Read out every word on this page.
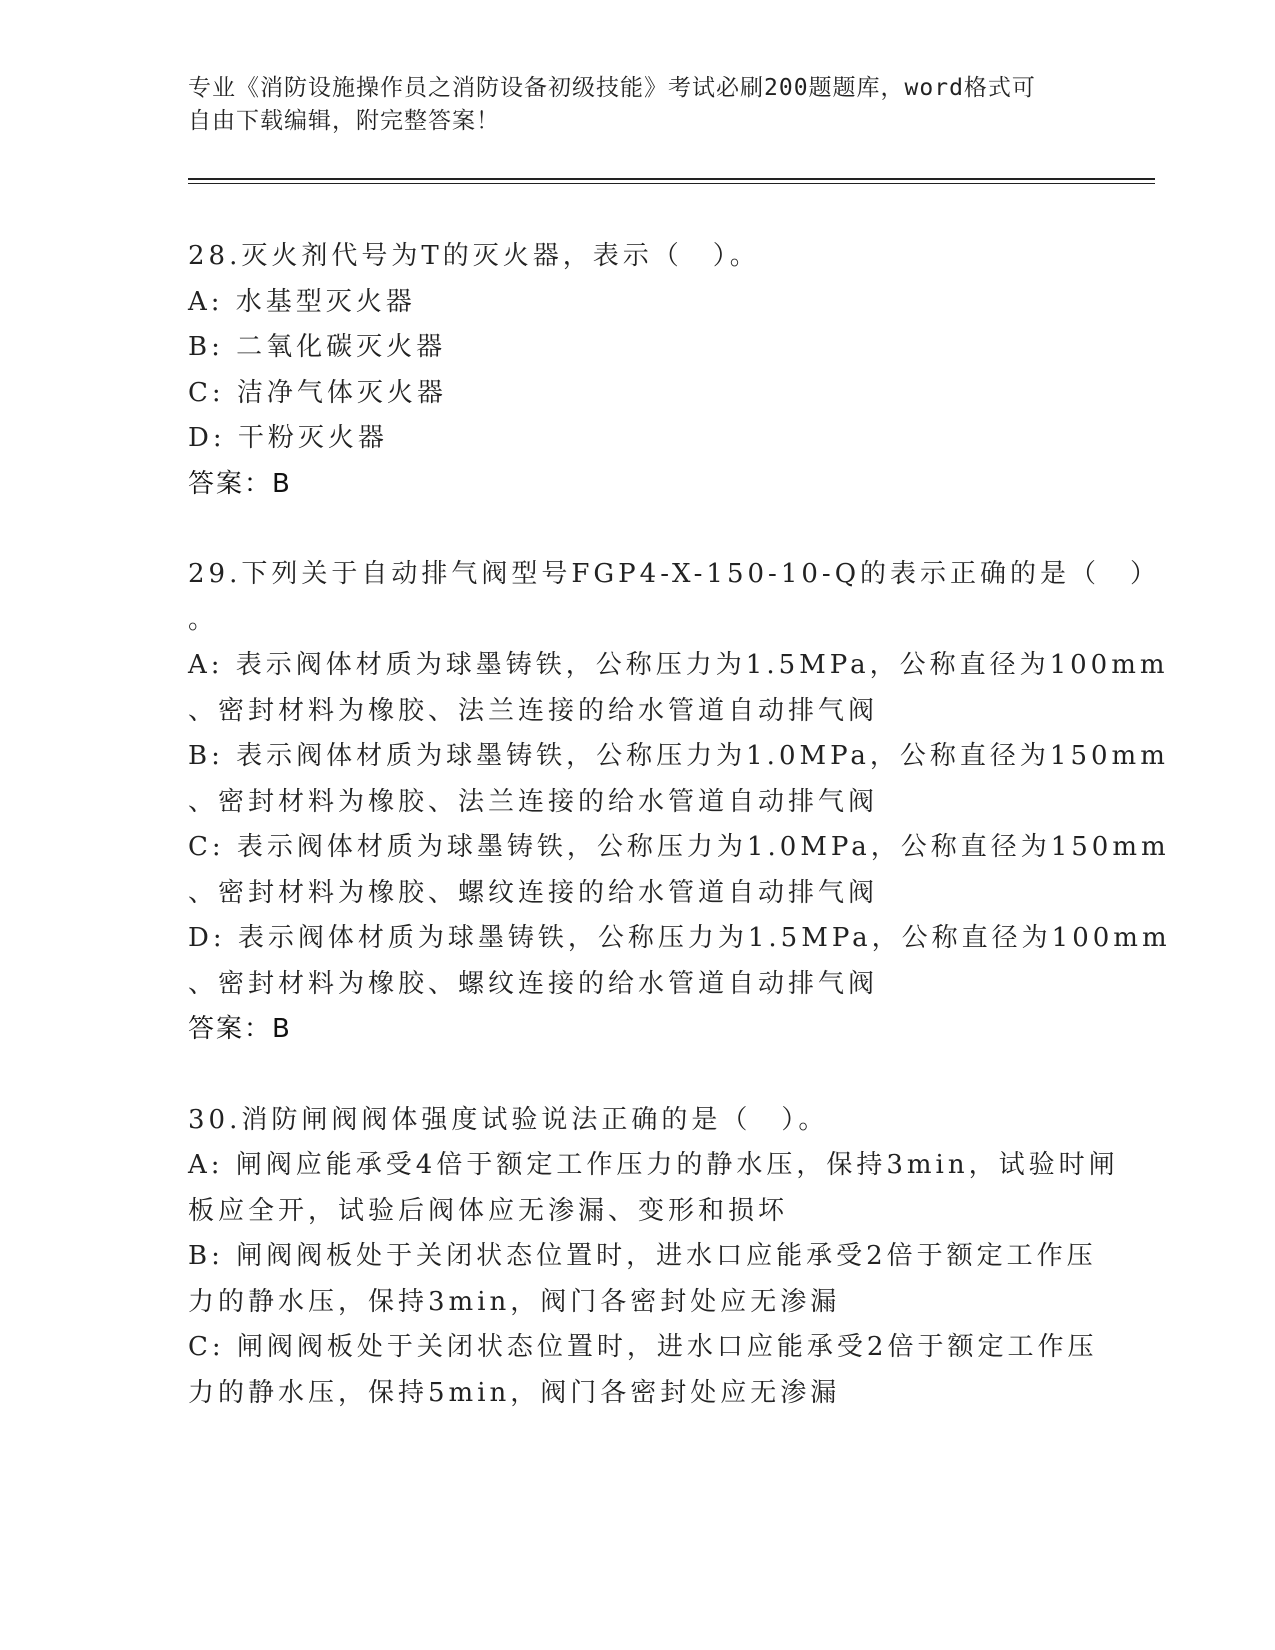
专业《消防设施操作员之消防设备初级技能》考试必刷200题题库，word格式可
自由下载编辑，附完整答案！
28.灭火剂代号为T的灭火器，表示（　）。
A: 水基型灭火器
B: 二氧化碳灭火器
C: 洁净气体灭火器
D: 干粉灭火器
答案：B
29.下列关于自动排气阀型号FGP4-X-150-10-Q的表示正确的是（　）
。
A: 表示阀体材质为球墨铸铁，公称压力为1.5MPa，公称直径为100mm
、密封材料为橡胶、法兰连接的给水管道自动排气阀
B: 表示阀体材质为球墨铸铁，公称压力为1.0MPa，公称直径为150mm
、密封材料为橡胶、法兰连接的给水管道自动排气阀
C: 表示阀体材质为球墨铸铁，公称压力为1.0MPa，公称直径为150mm
、密封材料为橡胶、螺纹连接的给水管道自动排气阀
D: 表示阀体材质为球墨铸铁，公称压力为1.5MPa，公称直径为100mm
、密封材料为橡胶、螺纹连接的给水管道自动排气阀
答案：B
30.消防闸阀阀体强度试验说法正确的是（　）。
A: 闸阀应能承受4倍于额定工作压力的静水压，保持3min，试验时闸
板应全开，试验后阀体应无渗漏、变形和损坏
B: 闸阀阀板处于关闭状态位置时，进水口应能承受2倍于额定工作压
力的静水压，保持3min，阀门各密封处应无渗漏
C: 闸阀阀板处于关闭状态位置时，进水口应能承受2倍于额定工作压
力的静水压，保持5min，阀门各密封处应无渗漏
